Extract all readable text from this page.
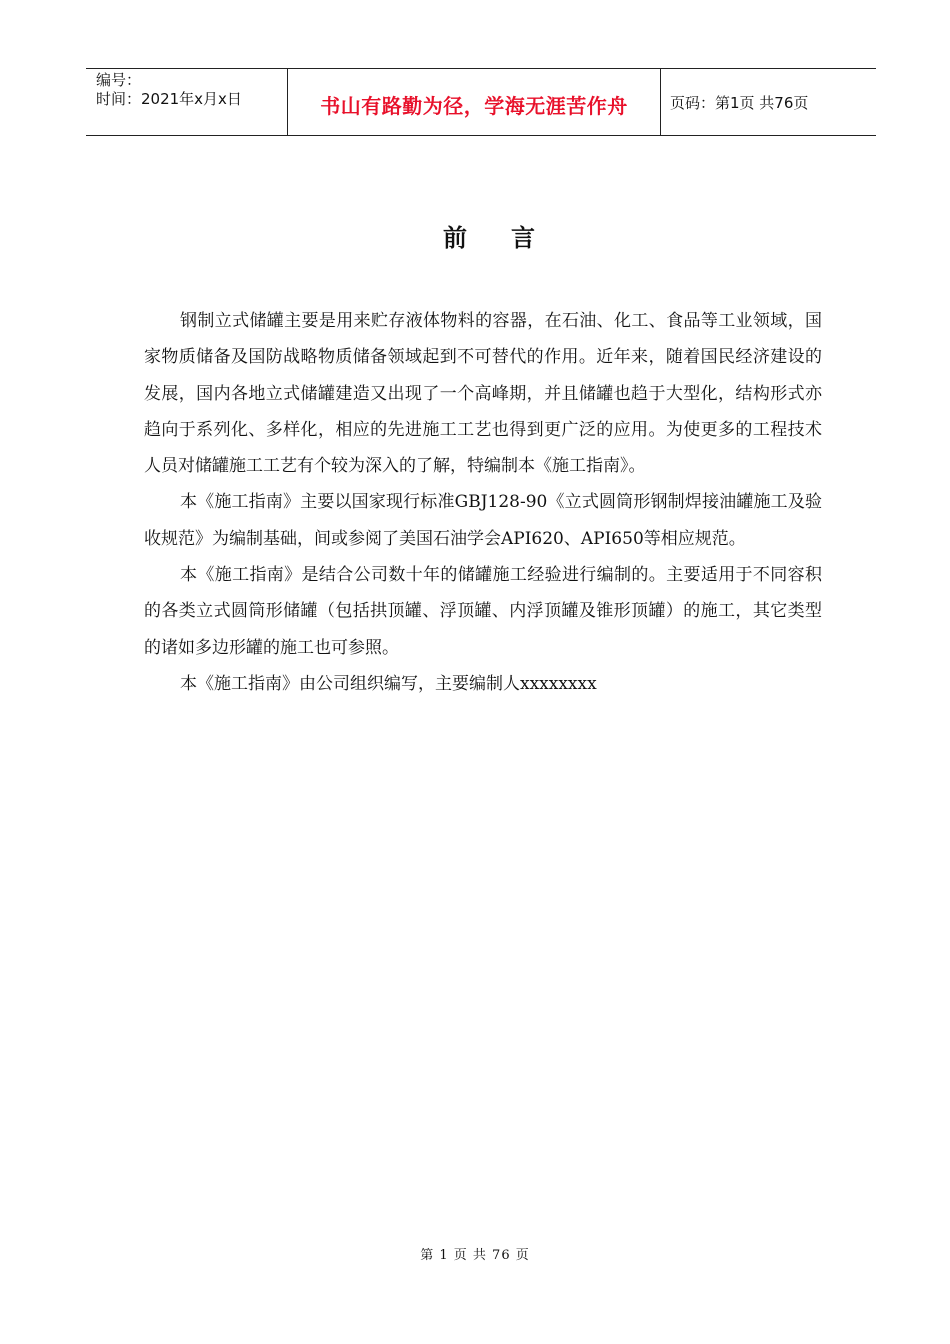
编号：
时间：2021年x月x日	书山有路勤为径，学海无涯苦作舟	页码：第1页 共76页
前言

钢制立式储罐主要是用来贮存液体物料的容器，在石油、化工、食品等工业领域，国家物质储备及国防战略物质储备领域起到不可替代的作用。近年来，随着国民经济建设的发展，国内各地立式储罐建造又出现了一个高峰期，并且储罐也趋于大型化，结构形式亦趋向于系列化、多样化，相应的先进施工工艺也得到更广泛的应用。为使更多的工程技术人员对储罐施工工艺有个较为深入的了解，特编制本《施工指南》。

本《施工指南》主要以国家现行标准GBJ128-90《立式圆筒形钢制焊接油罐施工及验收规范》为编制基础，间或参阅了美国石油学会API620、API650等相应规范。

本《施工指南》是结合公司数十年的储罐施工经验进行编制的。主要适用于不同容积的各类立式圆筒形储罐（包括拱顶罐、浮顶罐、内浮顶罐及锥形顶罐）的施工，其它类型的诸如多边形罐的施工也可参照。

本《施工指南》由公司组织编写，主要编制人xxxxxxxx

第 1 页 共 76 页
